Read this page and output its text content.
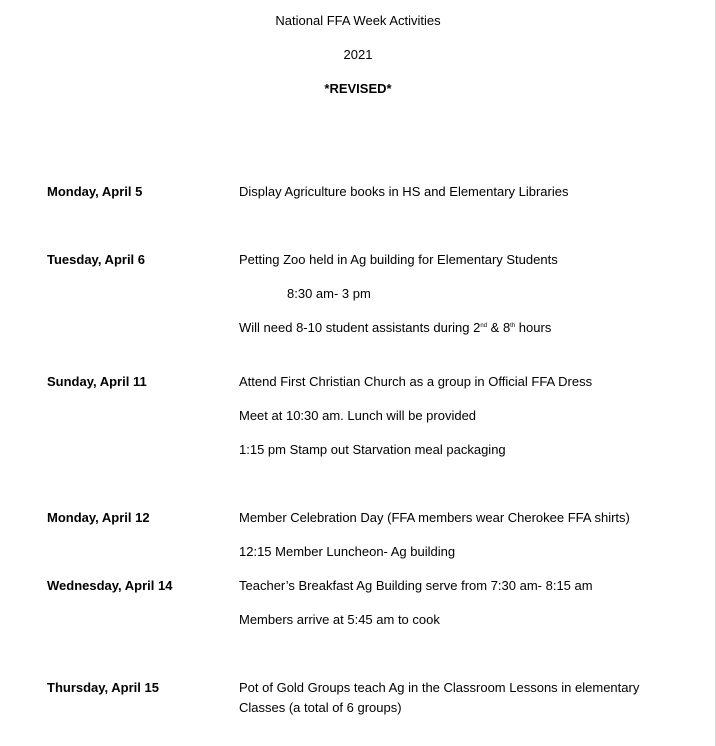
National FFA Week Activities
2021
*REVISED*
Monday, April 5	Display Agriculture books in HS and Elementary Libraries
Tuesday, April 6	Petting Zoo held in Ag building for Elementary Students
8:30 am- 3 pm
Will need 8-10 student assistants during 2nd & 8th hours
Sunday, April 11	Attend First Christian Church as a group in Official FFA Dress
Meet at 10:30 am. Lunch will be provided
1:15 pm Stamp out Starvation meal packaging
Monday, April 12	Member Celebration Day (FFA members wear Cherokee FFA shirts)
12:15 Member Luncheon- Ag building
Wednesday, April 14	Teacher’s Breakfast Ag Building serve from 7:30 am- 8:15 am
Members arrive at 5:45 am to cook
Thursday, April 15	Pot of Gold Groups teach Ag in the Classroom Lessons in elementary
Classes (a total of 6 groups)
